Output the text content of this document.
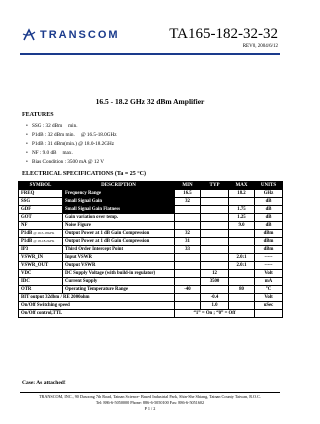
TRANSCOM	TA165-182-32-32
REV0, 2004/6/12
16.5 - 18.2 GHz 32 dBm Amplifier
FEATURES
• SSG : 32 dBm min.
• P1dB : 32 dBm min. @ 16.5-18.0GHz
• P1dB : 31 dBm(min.) @ 18.0-18.2GHz
• NF : 9.0 dB max.
• Bias Condition : 3500 mA @ 12 V
ELECTRICAL SPECIFICATIONS (Ta = 25 °C)
SYMBOL	DESCRIPTION	MIN	TYP	MAX	UNITS
FREQ	Frequency Range	16.5		18.2	GHz
SSG	Small Signal Gain	32			dB
GDF	Small Signal Gain Flatness			1.75	dB
GOT	Gain variation over temp.			1.25	dB
NF	Noise Figure			9.0	dB
P1dB @ 16.5-18GHz	Output Power at 1 dB Gain Compression	32			dBm
P1dB @ 18-18.2GHz	Output Power at 1 dB Gain Compression	31			dBm
IP3	Third Order Intercept Point	33			dBm
VSWR_IN	Input VSWR			2.0:1	-----
VSWR_OUT	Output VSWR			2.0:1	-----
VDC	DC Supply Voltage (with build-in regulator)		12		Volt
IDC	Current Supply		3500		mA
OTR	Operating Temperature Range	-40		80	°C
BIT output 32dbm / RE 2000ohm			-0.4		Volt
On/Off Switching speed			1.0		uSec
On/Off control,TTL		“1” = On ; “0” = Off			
Case: As attached!
TRANSCOM, INC., 90 Dasoong 7th Road, Tainan Science- Based Industrial Park, Shin-She Shiang, Tainan County Taiwan, R.O.C.
Tel: 886-6-5050000 Phone: 886-6-5050100 Fax: 886-6-5051602
P 1 / 2
